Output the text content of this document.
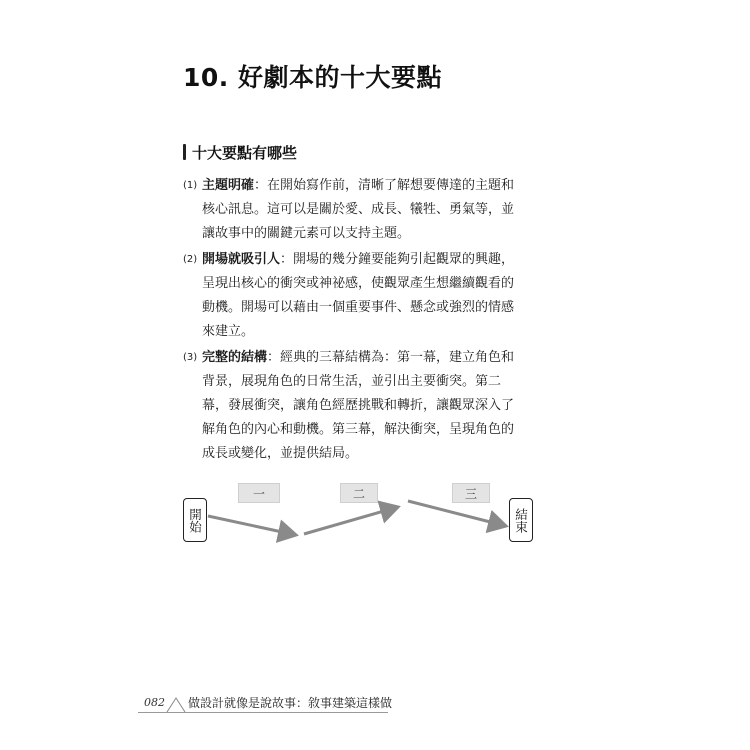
10. 好劇本的十大要點
十大要點有哪些
(1) 主題明確：在開始寫作前，清晰了解想要傳達的主題和
核心訊息。這可以是關於愛、成長、犧牲、勇氣等，並
讓故事中的關鍵元素可以支持主題。
(2) 開場就吸引人：開場的幾分鐘要能夠引起觀眾的興趣，
呈現出核心的衝突或神祕感，使觀眾產生想繼續觀看的
動機。開場可以藉由一個重要事件、懸念或強烈的情感
來建立。
(3) 完整的結構：經典的三幕結構為：第一幕，建立角色和
背景，展現角色的日常生活，並引出主要衝突。第二
幕，發展衝突，讓角色經歷挑戰和轉折，讓觀眾深入了
解角色的內心和動機。第三幕，解決衝突，呈現角色的
成長或變化，並提供結局。
開始	結束
一	二	三
082 做設計就像是說故事：敘事建築這樣做
